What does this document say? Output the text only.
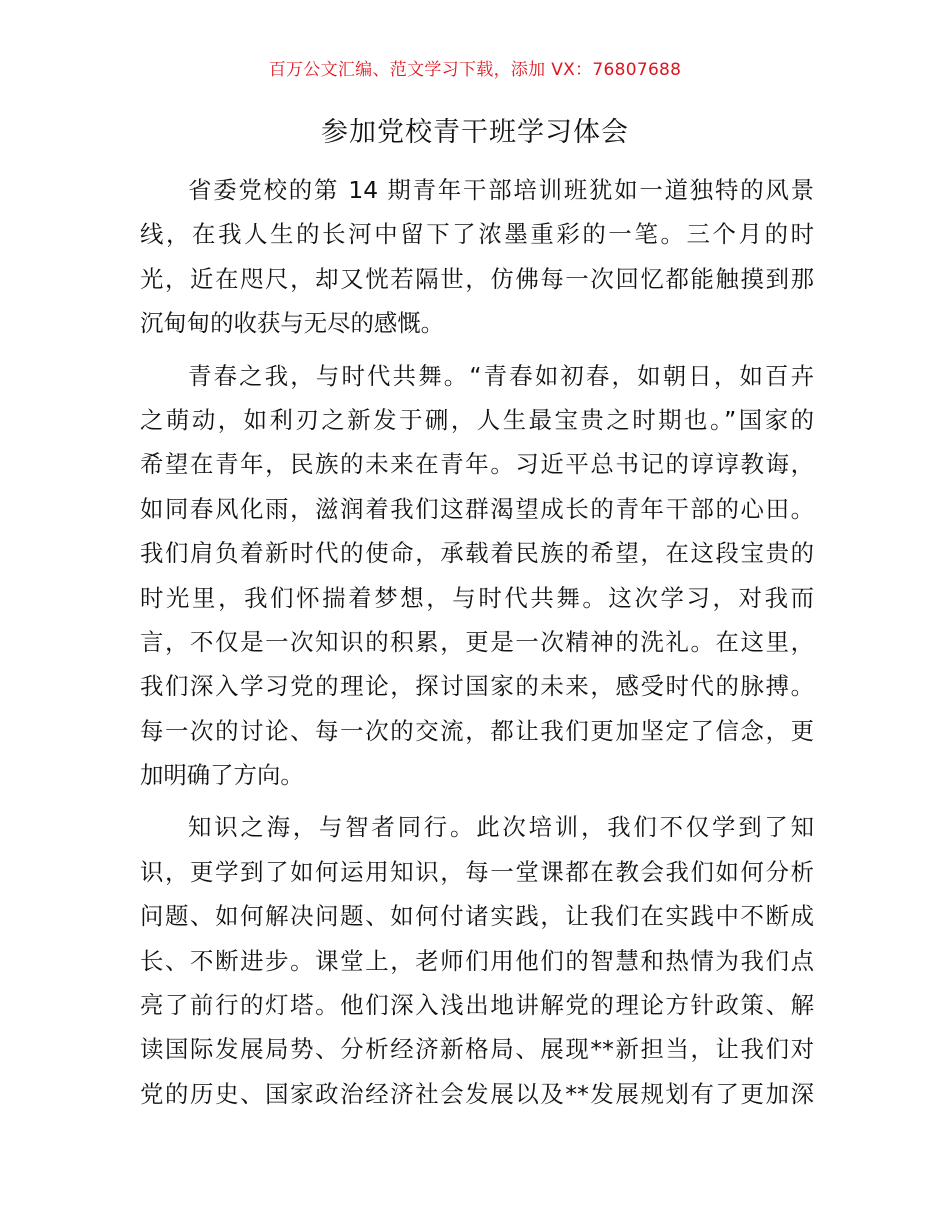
百万公文汇编、范文学习下载，添加 VX：76807688
参加党校青干班学习体会

省委党校的第 14 期青年干部培训班犹如一道独特的风景
线，在我人生的长河中留下了浓墨重彩的一笔。三个月的时
光，近在咫尺，却又恍若隔世，仿佛每一次回忆都能触摸到那
沉甸甸的收获与无尽的感慨。

青春之我，与时代共舞。“青春如初春，如朝日，如百卉
之萌动，如利刃之新发于硎，人生最宝贵之时期也。”国家的
希望在青年，民族的未来在青年。习近平总书记的谆谆教诲，
如同春风化雨，滋润着我们这群渴望成长的青年干部的心田。
我们肩负着新时代的使命，承载着民族的希望，在这段宝贵的
时光里，我们怀揣着梦想，与时代共舞。这次学习，对我而
言，不仅是一次知识的积累，更是一次精神的洗礼。在这里，
我们深入学习党的理论，探讨国家的未来，感受时代的脉搏。
每一次的讨论、每一次的交流，都让我们更加坚定了信念，更
加明确了方向。

知识之海，与智者同行。此次培训，我们不仅学到了知
识，更学到了如何运用知识，每一堂课都在教会我们如何分析
问题、如何解决问题、如何付诸实践，让我们在实践中不断成
长、不断进步。课堂上，老师们用他们的智慧和热情为我们点
亮了前行的灯塔。他们深入浅出地讲解党的理论方针政策、解
读国际发展局势、分析经济新格局、展现**新担当，让我们对
党的历史、国家政治经济社会发展以及**发展规划有了更加深
